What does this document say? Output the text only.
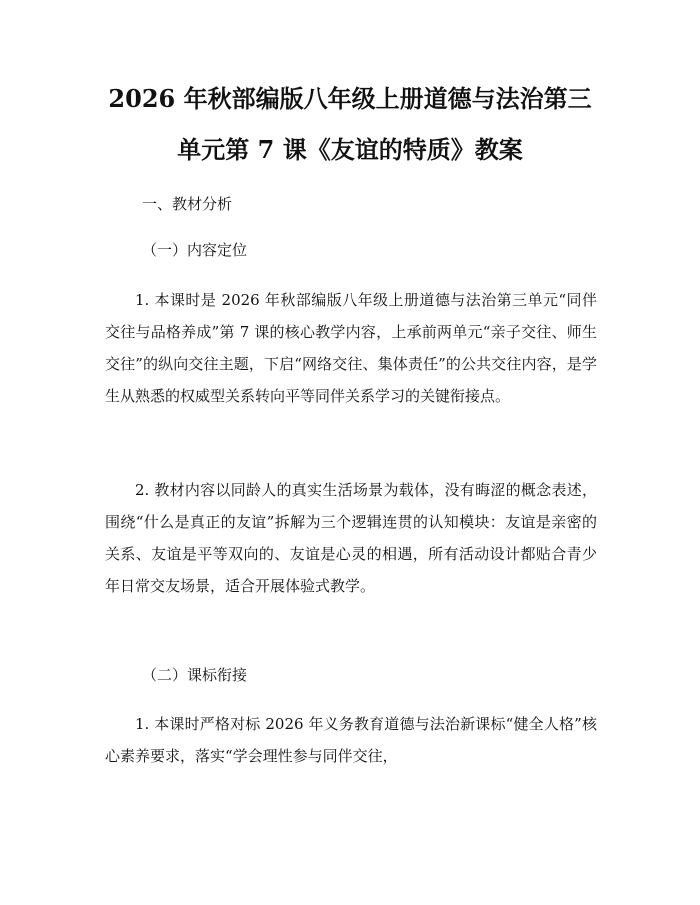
2026 年秋部编版八年级上册道德与法治第三
单元第 7 课《友谊的特质》教案
一、教材分析
（一）内容定位

1. 本课时是 2026 年秋部编版八年级上册道德与法治第三单元“同伴交往与品格养成”第 7 课的核心教学内容，上承前两单元“亲子交往、师生交往”的纵向交往主题，下启“网络交往、集体责任”的公共交往内容，是学生从熟悉的权威型关系转向平等同伴关系学习的关键衔接点。

2. 教材内容以同龄人的真实生活场景为载体，没有晦涩的概念表述，围绕“什么是真正的友谊”拆解为三个逻辑连贯的认知模块：友谊是亲密的关系、友谊是平等双向的、友谊是心灵的相遇，所有活动设计都贴合青少年日常交友场景，适合开展体验式教学。

（二）课标衔接

1. 本课时严格对标 2026 年义务教育道德与法治新课标“健全人格”核心素养要求，落实“学会理性参与同伴交往，
